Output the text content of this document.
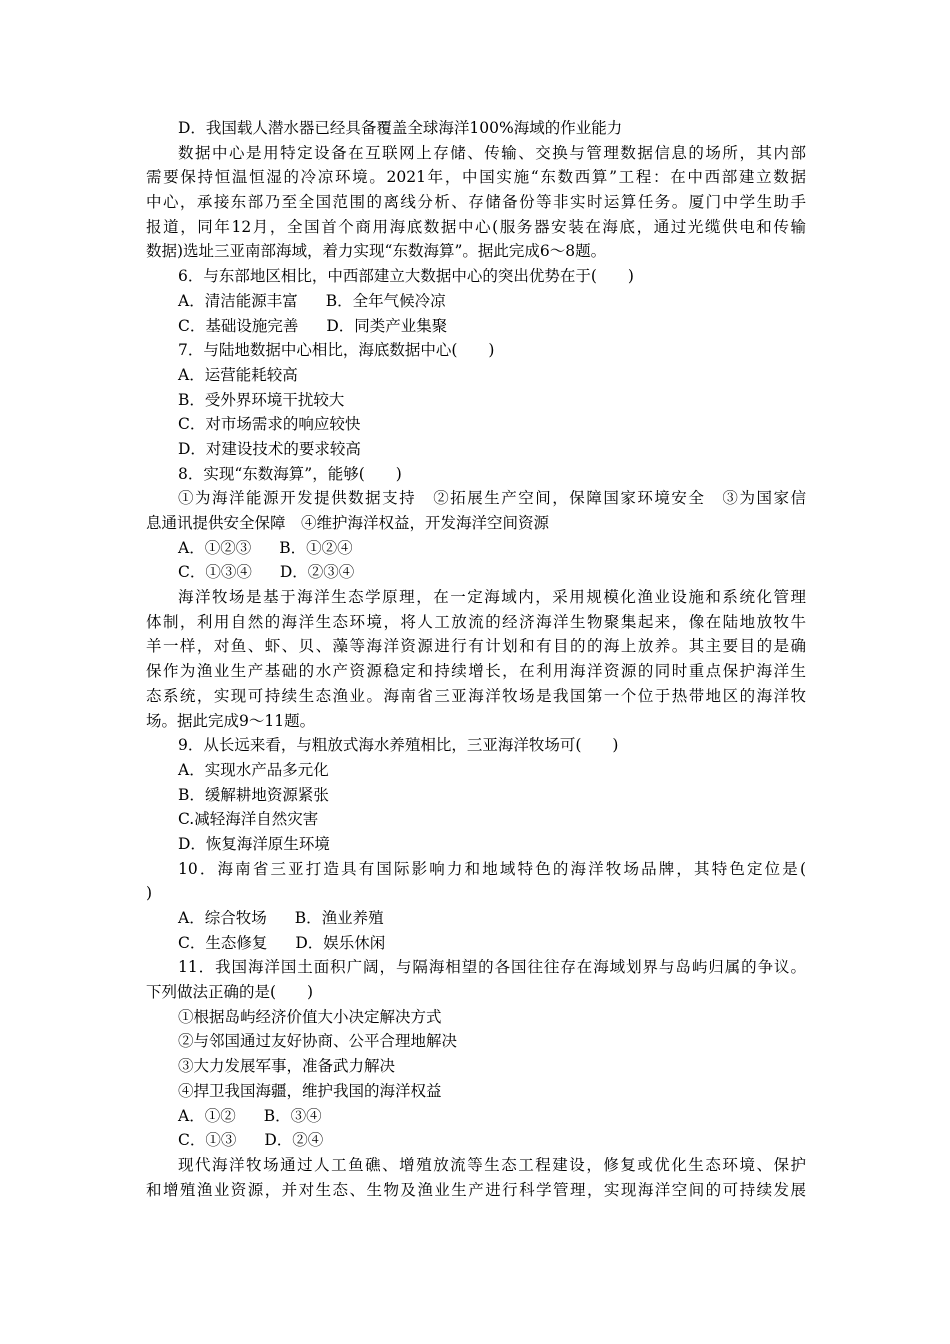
D．我国载人潜水器已经具备覆盖全球海洋100%海域的作业能力
数据中心是用特定设备在互联网上存储、传输、交换与管理数据信息的场所，其内部
需要保持恒温恒湿的冷凉环境。2021年，中国实施“东数西算”工程：在中西部建立数据
中心，承接东部乃至全国范围的离线分析、存储备份等非实时运算任务。厦门中学生助手
报道，同年12月，全国首个商用海底数据中心(服务器安装在海底，通过光缆供电和传输
数据)选址三亚南部海域，着力实现“东数海算”。据此完成6～8题。
6．与东部地区相比，中西部建立大数据中心的突出优势在于(　　)
A．清洁能源丰富 B．全年气候冷凉
C．基础设施完善 D．同类产业集聚
7．与陆地数据中心相比，海底数据中心(　　)
A．运营能耗较高
B．受外界环境干扰较大
C．对市场需求的响应较快
D．对建设技术的要求较高
8．实现“东数海算”，能够(　　)
①为海洋能源开发提供数据支持　②拓展生产空间，保障国家环境安全　③为国家信
息通讯提供安全保障　④维护海洋权益，开发海洋空间资源
A．①②③ B．①②④
C．①③④ D．②③④
海洋牧场是基于海洋生态学原理，在一定海域内，采用规模化渔业设施和系统化管理
体制，利用自然的海洋生态环境，将人工放流的经济海洋生物聚集起来，像在陆地放牧牛
羊一样，对鱼、虾、贝、藻等海洋资源进行有计划和有目的的海上放养。其主要目的是确
保作为渔业生产基础的水产资源稳定和持续增长，在利用海洋资源的同时重点保护海洋生
态系统，实现可持续生态渔业。海南省三亚海洋牧场是我国第一个位于热带地区的海洋牧
场。据此完成9～11题。
9．从长远来看，与粗放式海水养殖相比，三亚海洋牧场可(　　)
A．实现水产品多元化
B．缓解耕地资源紧张
C.减轻海洋自然灾害
D．恢复海洋原生环境
10．海南省三亚打造具有国际影响力和地域特色的海洋牧场品牌，其特色定位是(
)
A．综合牧场 B．渔业养殖
C．生态修复 D．娱乐休闲
11．我国海洋国土面积广阔，与隔海相望的各国往往存在海域划界与岛屿归属的争议。
下列做法正确的是(　　)
①根据岛屿经济价值大小决定解决方式
②与邻国通过友好协商、公平合理地解决
③大力发展军事，准备武力解决
④捍卫我国海疆，维护我国的海洋权益
A．①② B．③④
C．①③ D．②④
现代海洋牧场通过人工鱼礁、增殖放流等生态工程建设，修复或优化生态环境、保护
和增殖渔业资源，并对生态、生物及渔业生产进行科学管理，实现海洋空间的可持续发展
